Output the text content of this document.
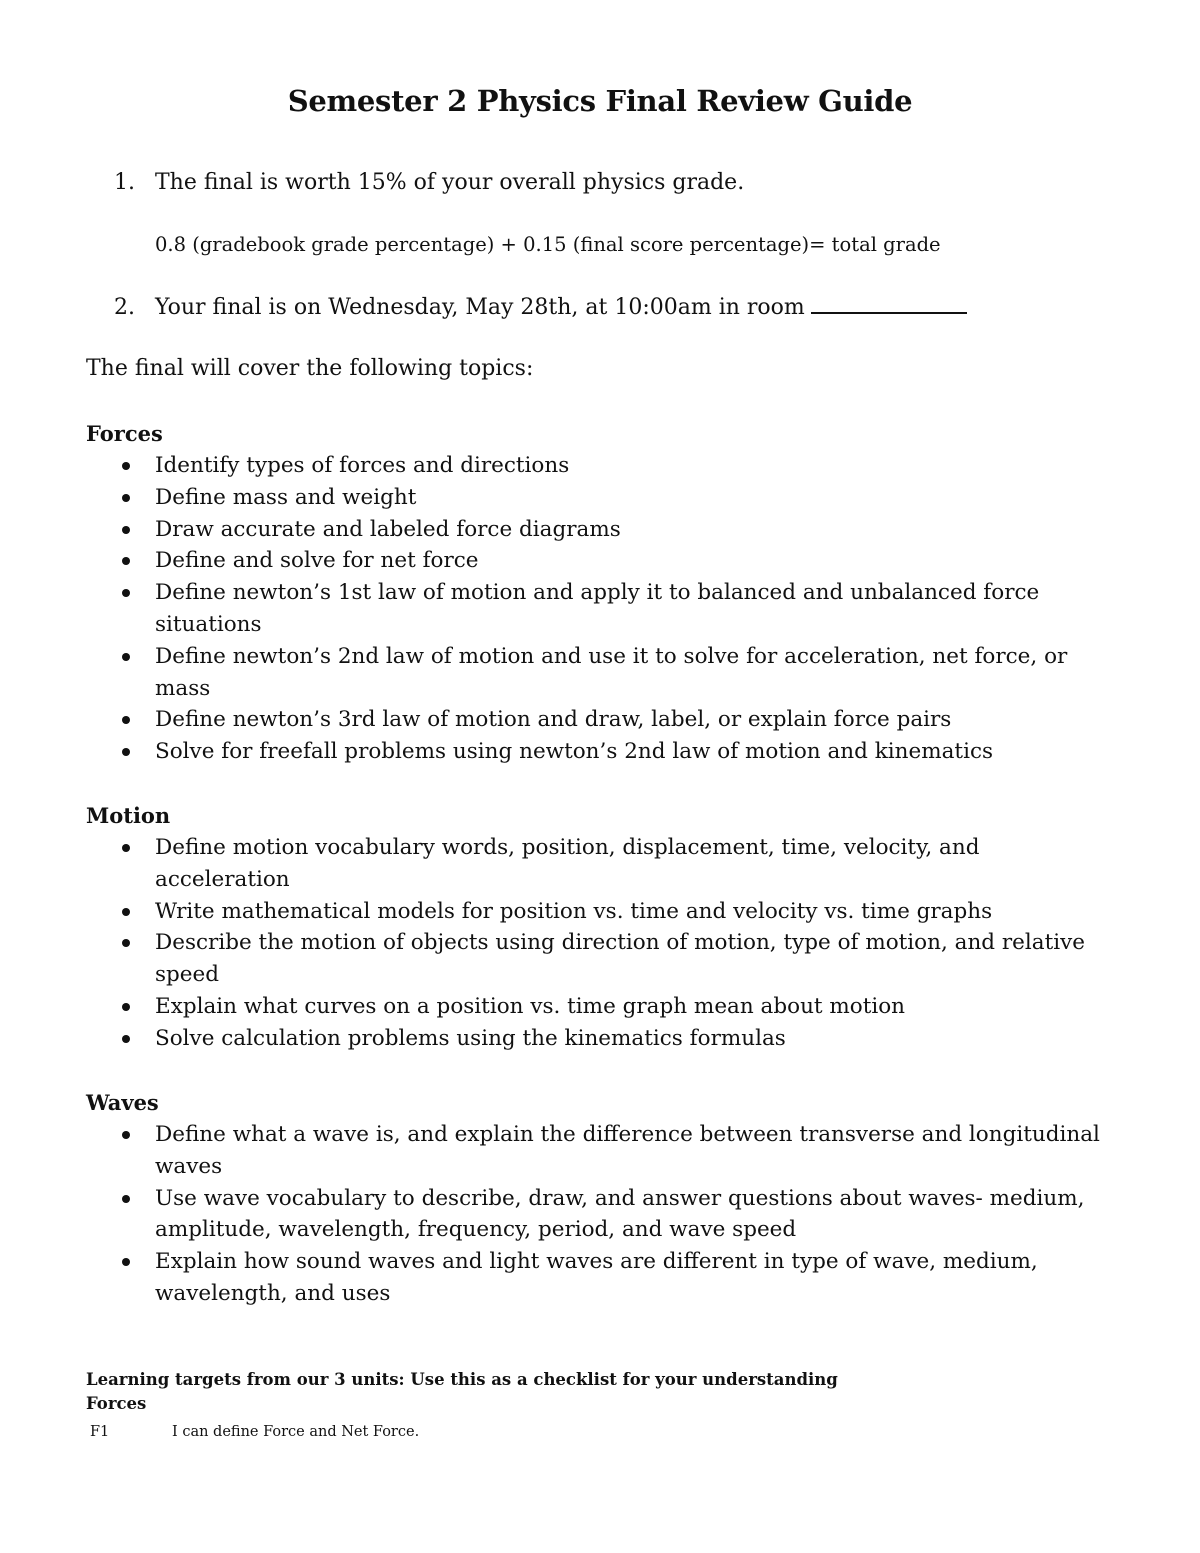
Semester 2 Physics Final Review Guide
1. The final is worth 15% of your overall physics grade.
0.8 (gradebook grade percentage) + 0.15 (final score percentage)= total grade
2. Your final is on Wednesday, May 28th, at 10:00am in room
The final will cover the following topics:
Forces
Identify types of forces and directions
Define mass and weight
Draw accurate and labeled force diagrams
Define and solve for net force
Define newton’s 1st law of motion and apply it to balanced and unbalanced force situations
Define newton’s 2nd law of motion and use it to solve for acceleration, net force, or mass
Define newton’s 3rd law of motion and draw, label, or explain force pairs
Solve for freefall problems using newton’s 2nd law of motion and kinematics
Motion
Define motion vocabulary words, position, displacement, time, velocity, and acceleration
Write mathematical models for position vs. time and velocity vs. time graphs
Describe the motion of objects using direction of motion, type of motion, and relative speed
Explain what curves on a position vs. time graph mean about motion
Solve calculation problems using the kinematics formulas
Waves
Define what a wave is, and explain the difference between transverse and longitudinal waves
Use wave vocabulary to describe, draw, and answer questions about waves- medium, amplitude, wavelength, frequency, period, and wave speed
Explain how sound waves and light waves are different in type of wave, medium, wavelength, and uses
Learning targets from our 3 units: Use this as a checklist for your understanding
Forces
F1	I can define Force and Net Force.
